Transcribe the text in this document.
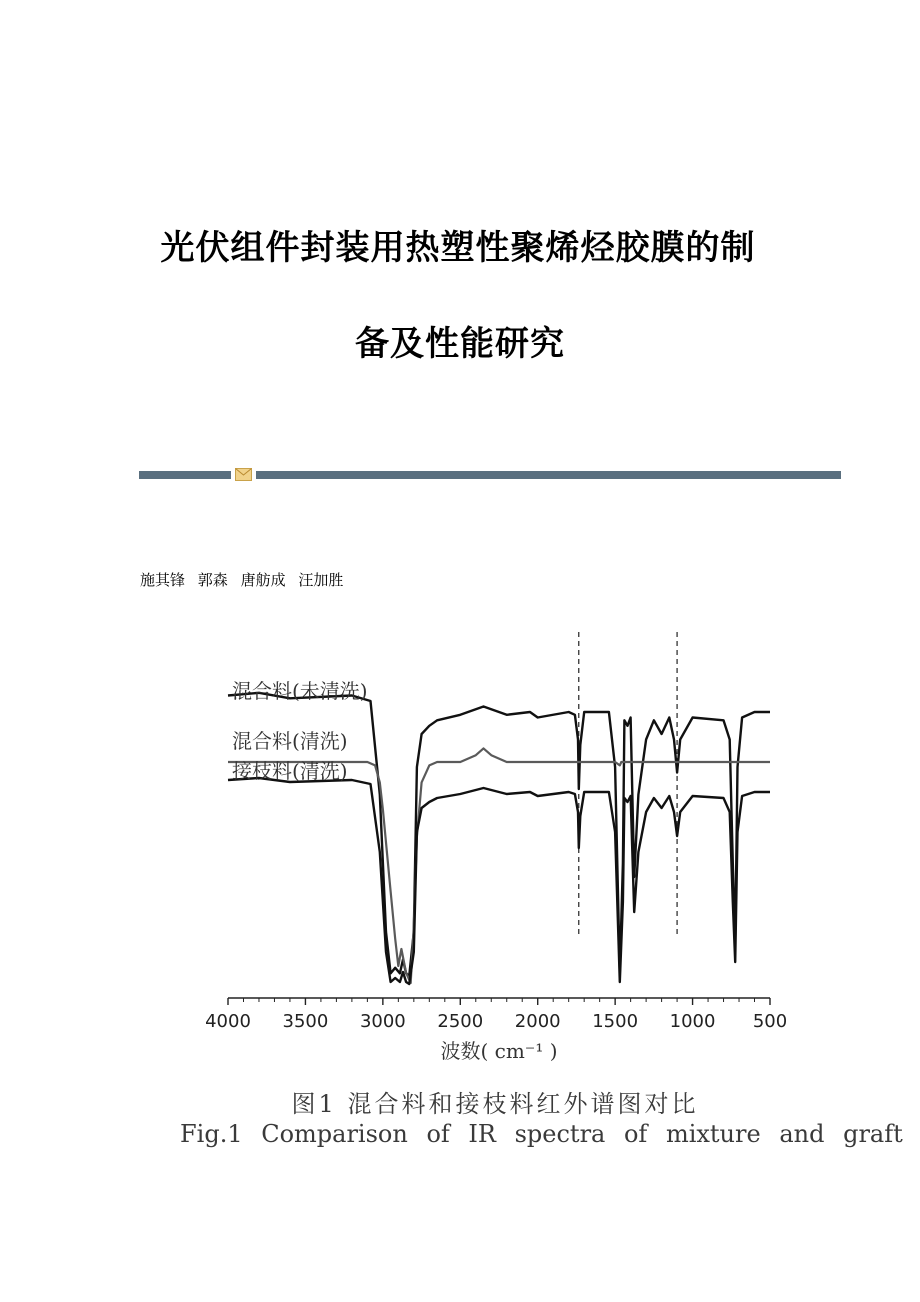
光伏组件封装用热塑性聚烯烃胶膜的制
备及性能研究
施其锋 郭森 唐舫成 汪加胜
混合料(未清洗)
混合料(清洗)
接枝料(清洗)
4000 3500 3000 2500 2000 1500 1000 500
波数( cm⁻¹ )
图1 混合料和接枝料红外谱图对比
Fig.1 Comparison of IR spectra of mixture and graft
